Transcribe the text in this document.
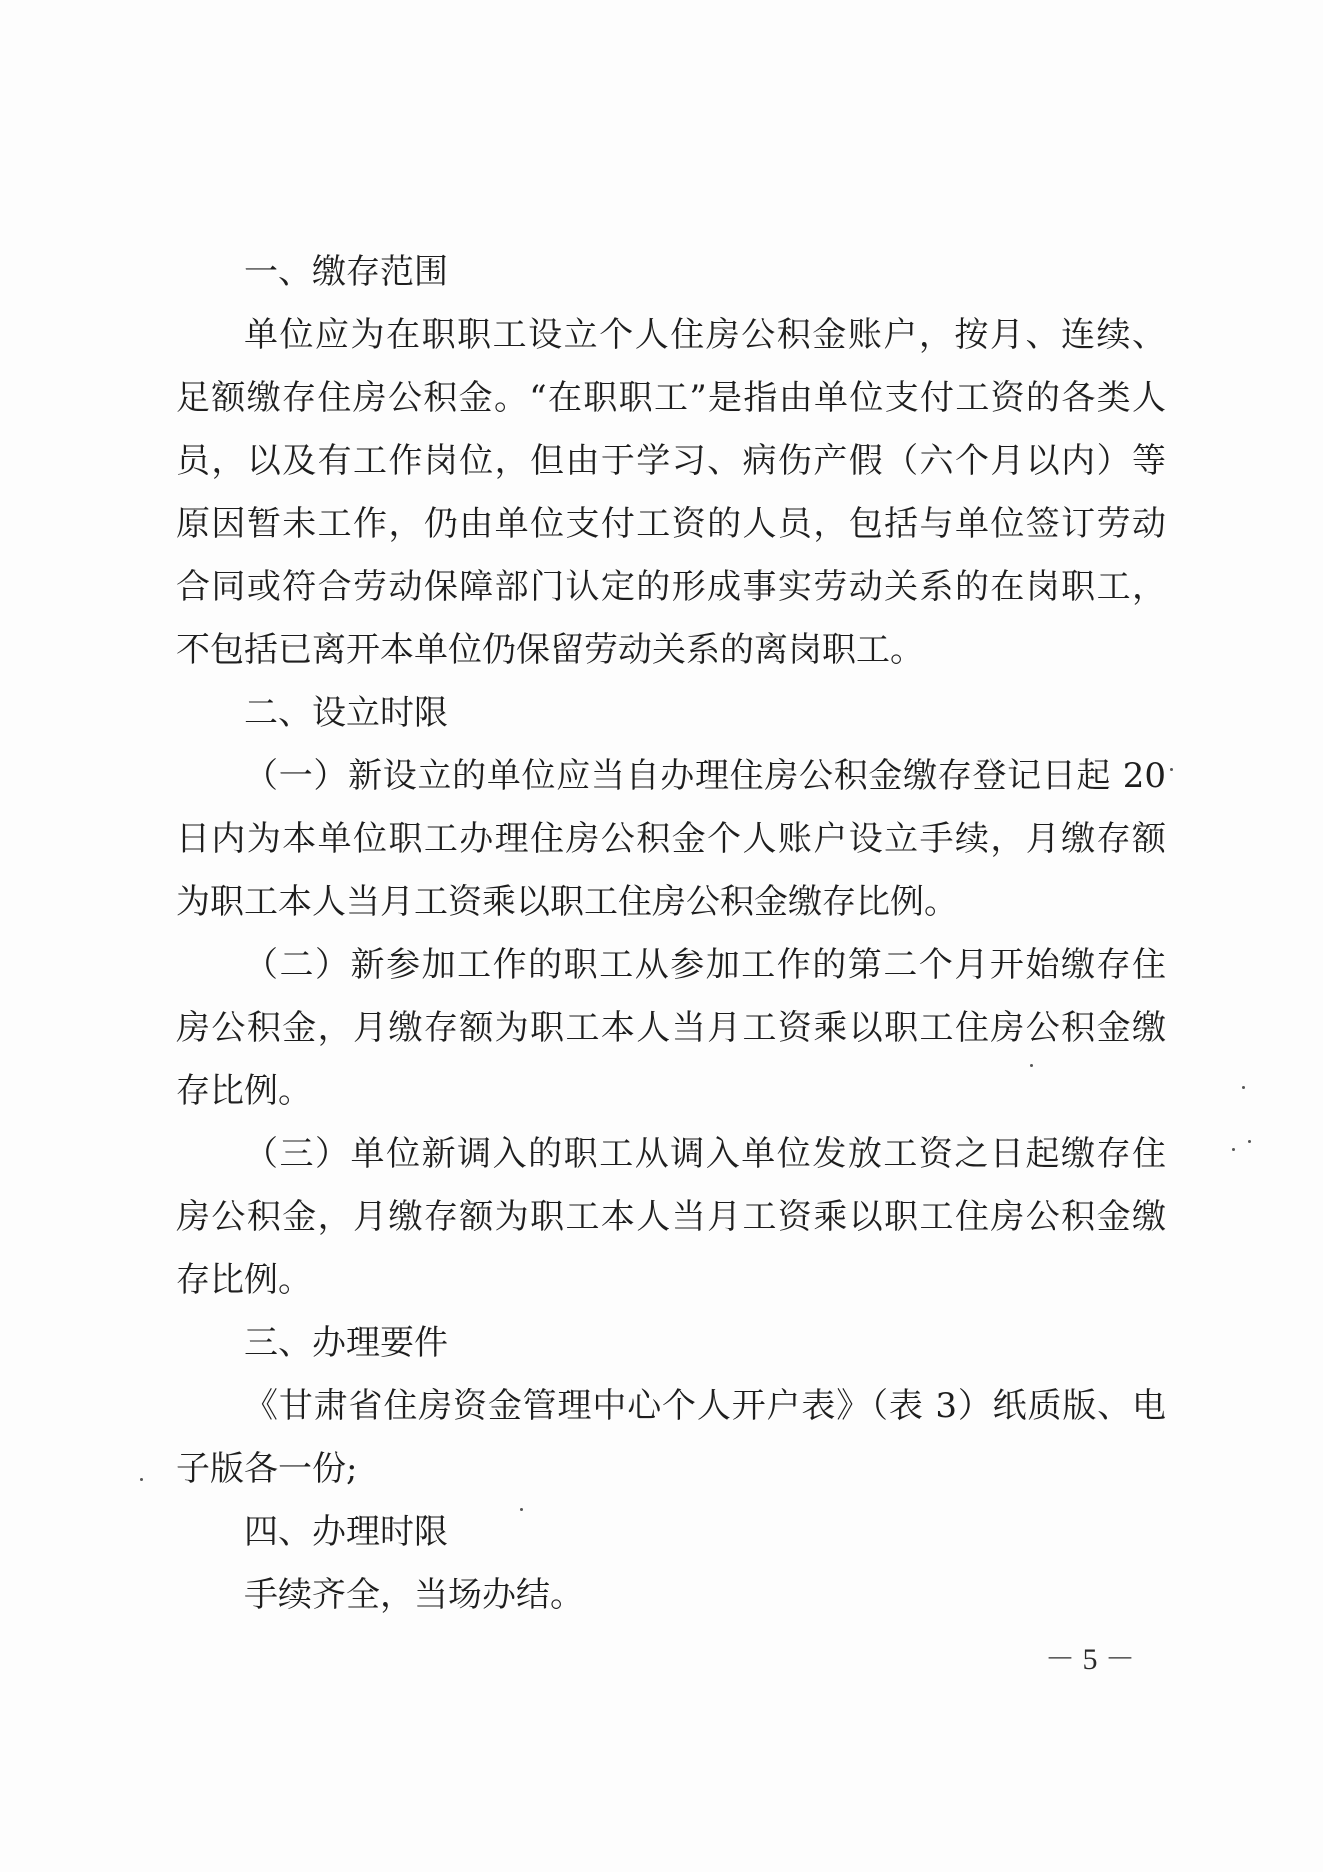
一、缴存范围
单位应为在职职工设立个人住房公积金账户，按月、连续、
足额缴存住房公积金。“在职职工”是指由单位支付工资的各类人
员，以及有工作岗位，但由于学习、病伤产假（六个月以内）等
原因暂未工作，仍由单位支付工资的人员，包括与单位签订劳动
合同或符合劳动保障部门认定的形成事实劳动关系的在岗职工，
不包括已离开本单位仍保留劳动关系的离岗职工。
二、设立时限
（一）新设立的单位应当自办理住房公积金缴存登记日起 20
日内为本单位职工办理住房公积金个人账户设立手续，月缴存额
为职工本人当月工资乘以职工住房公积金缴存比例。
（二）新参加工作的职工从参加工作的第二个月开始缴存住
房公积金，月缴存额为职工本人当月工资乘以职工住房公积金缴
存比例。
（三）单位新调入的职工从调入单位发放工资之日起缴存住
房公积金，月缴存额为职工本人当月工资乘以职工住房公积金缴
存比例。
三、办理要件
《甘肃省住房资金管理中心个人开户表》（表 3）纸质版、电
子版各一份;
四、办理时限
手续齐全，当场办结。
－ 5 －
